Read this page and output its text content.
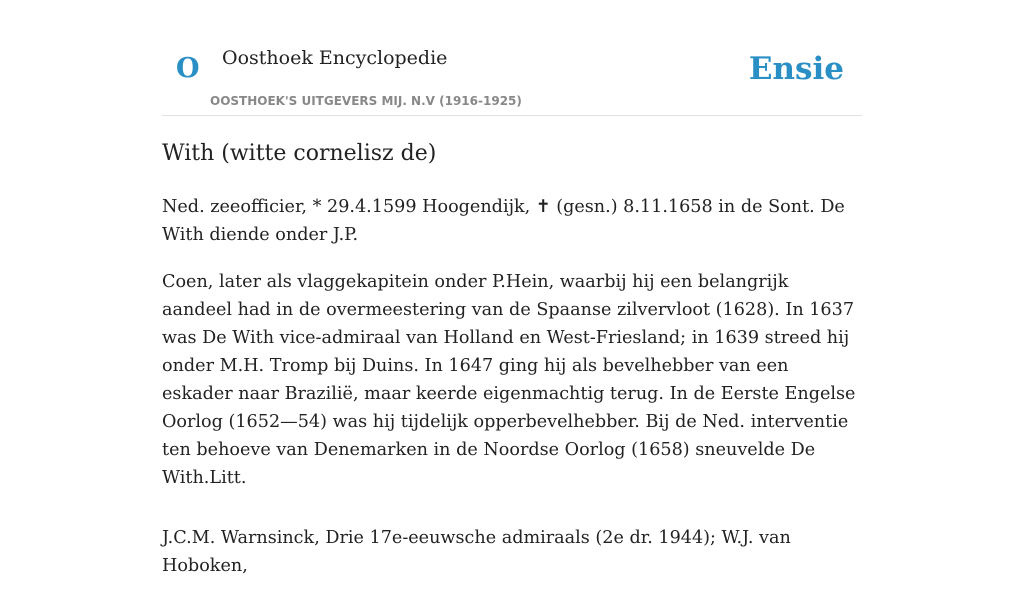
O Oosthoek Encyclopedie
OOSTHOEK'S UITGEVERS MIJ. N.V (1916-1925)
Ensie
With (witte cornelisz de)

Ned. zeeofficier, * 29.4.1599 Hoogendijk, ✝ (gesn.) 8.11.1658 in de Sont. De With diende onder J.P.

Coen, later als vlaggekapitein onder P.Hein, waarbij hij een belangrijk aandeel had in de overmeestering van de Spaanse zilvervloot (1628). In 1637 was De With vice-admiraal van Holland en West-Friesland; in 1639 streed hij onder M.H. Tromp bij Duins. In 1647 ging hij als bevelhebber van een eskader naar Brazilië, maar keerde eigenmachtig terug. In de Eerste Engelse Oorlog (1652—54) was hij tijdelijk opperbevelhebber. Bij de Ned. interventie ten behoeve van Denemarken in de Noordse Oorlog (1658) sneuvelde De With.Litt.

J.C.M. Warnsinck, Drie 17e-eeuwsche admiraals (2e dr. 1944); W.J. van Hoboken,
